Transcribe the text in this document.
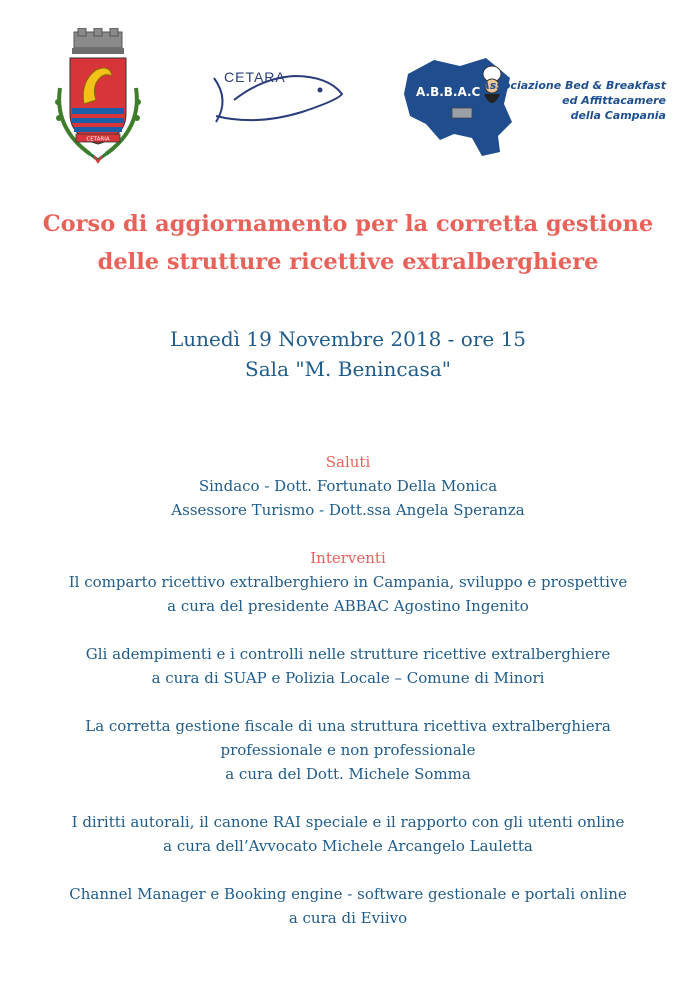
CETARIA
CETARA
A.B.B.A.C Associazione Bed & Breakfast
ed Affittacamere
della Campania
Corso di aggiornamento per la corretta gestione
delle strutture ricettive extralberghiere
Lunedì 19 Novembre 2018 - ore 15
Sala "M. Benincasa"
Saluti
Sindaco - Dott. Fortunato Della Monica
Assessore Turismo - Dott.ssa Angela Speranza
Interventi
Il comparto ricettivo extralberghiero in Campania, sviluppo e prospettive
a cura del presidente ABBAC Agostino Ingenito
Gli adempimenti e i controlli nelle strutture ricettive extralberghiere
a cura di SUAP e Polizia Locale – Comune di Minori
La corretta gestione fiscale di una struttura ricettiva extralberghiera
professionale e non professionale
a cura del Dott. Michele Somma
I diritti autorali, il canone RAI speciale e il rapporto con gli utenti online
a cura dell’Avvocato Michele Arcangelo Lauletta
Channel Manager e Booking engine - software gestionale e portali online
a cura di Eviivo
